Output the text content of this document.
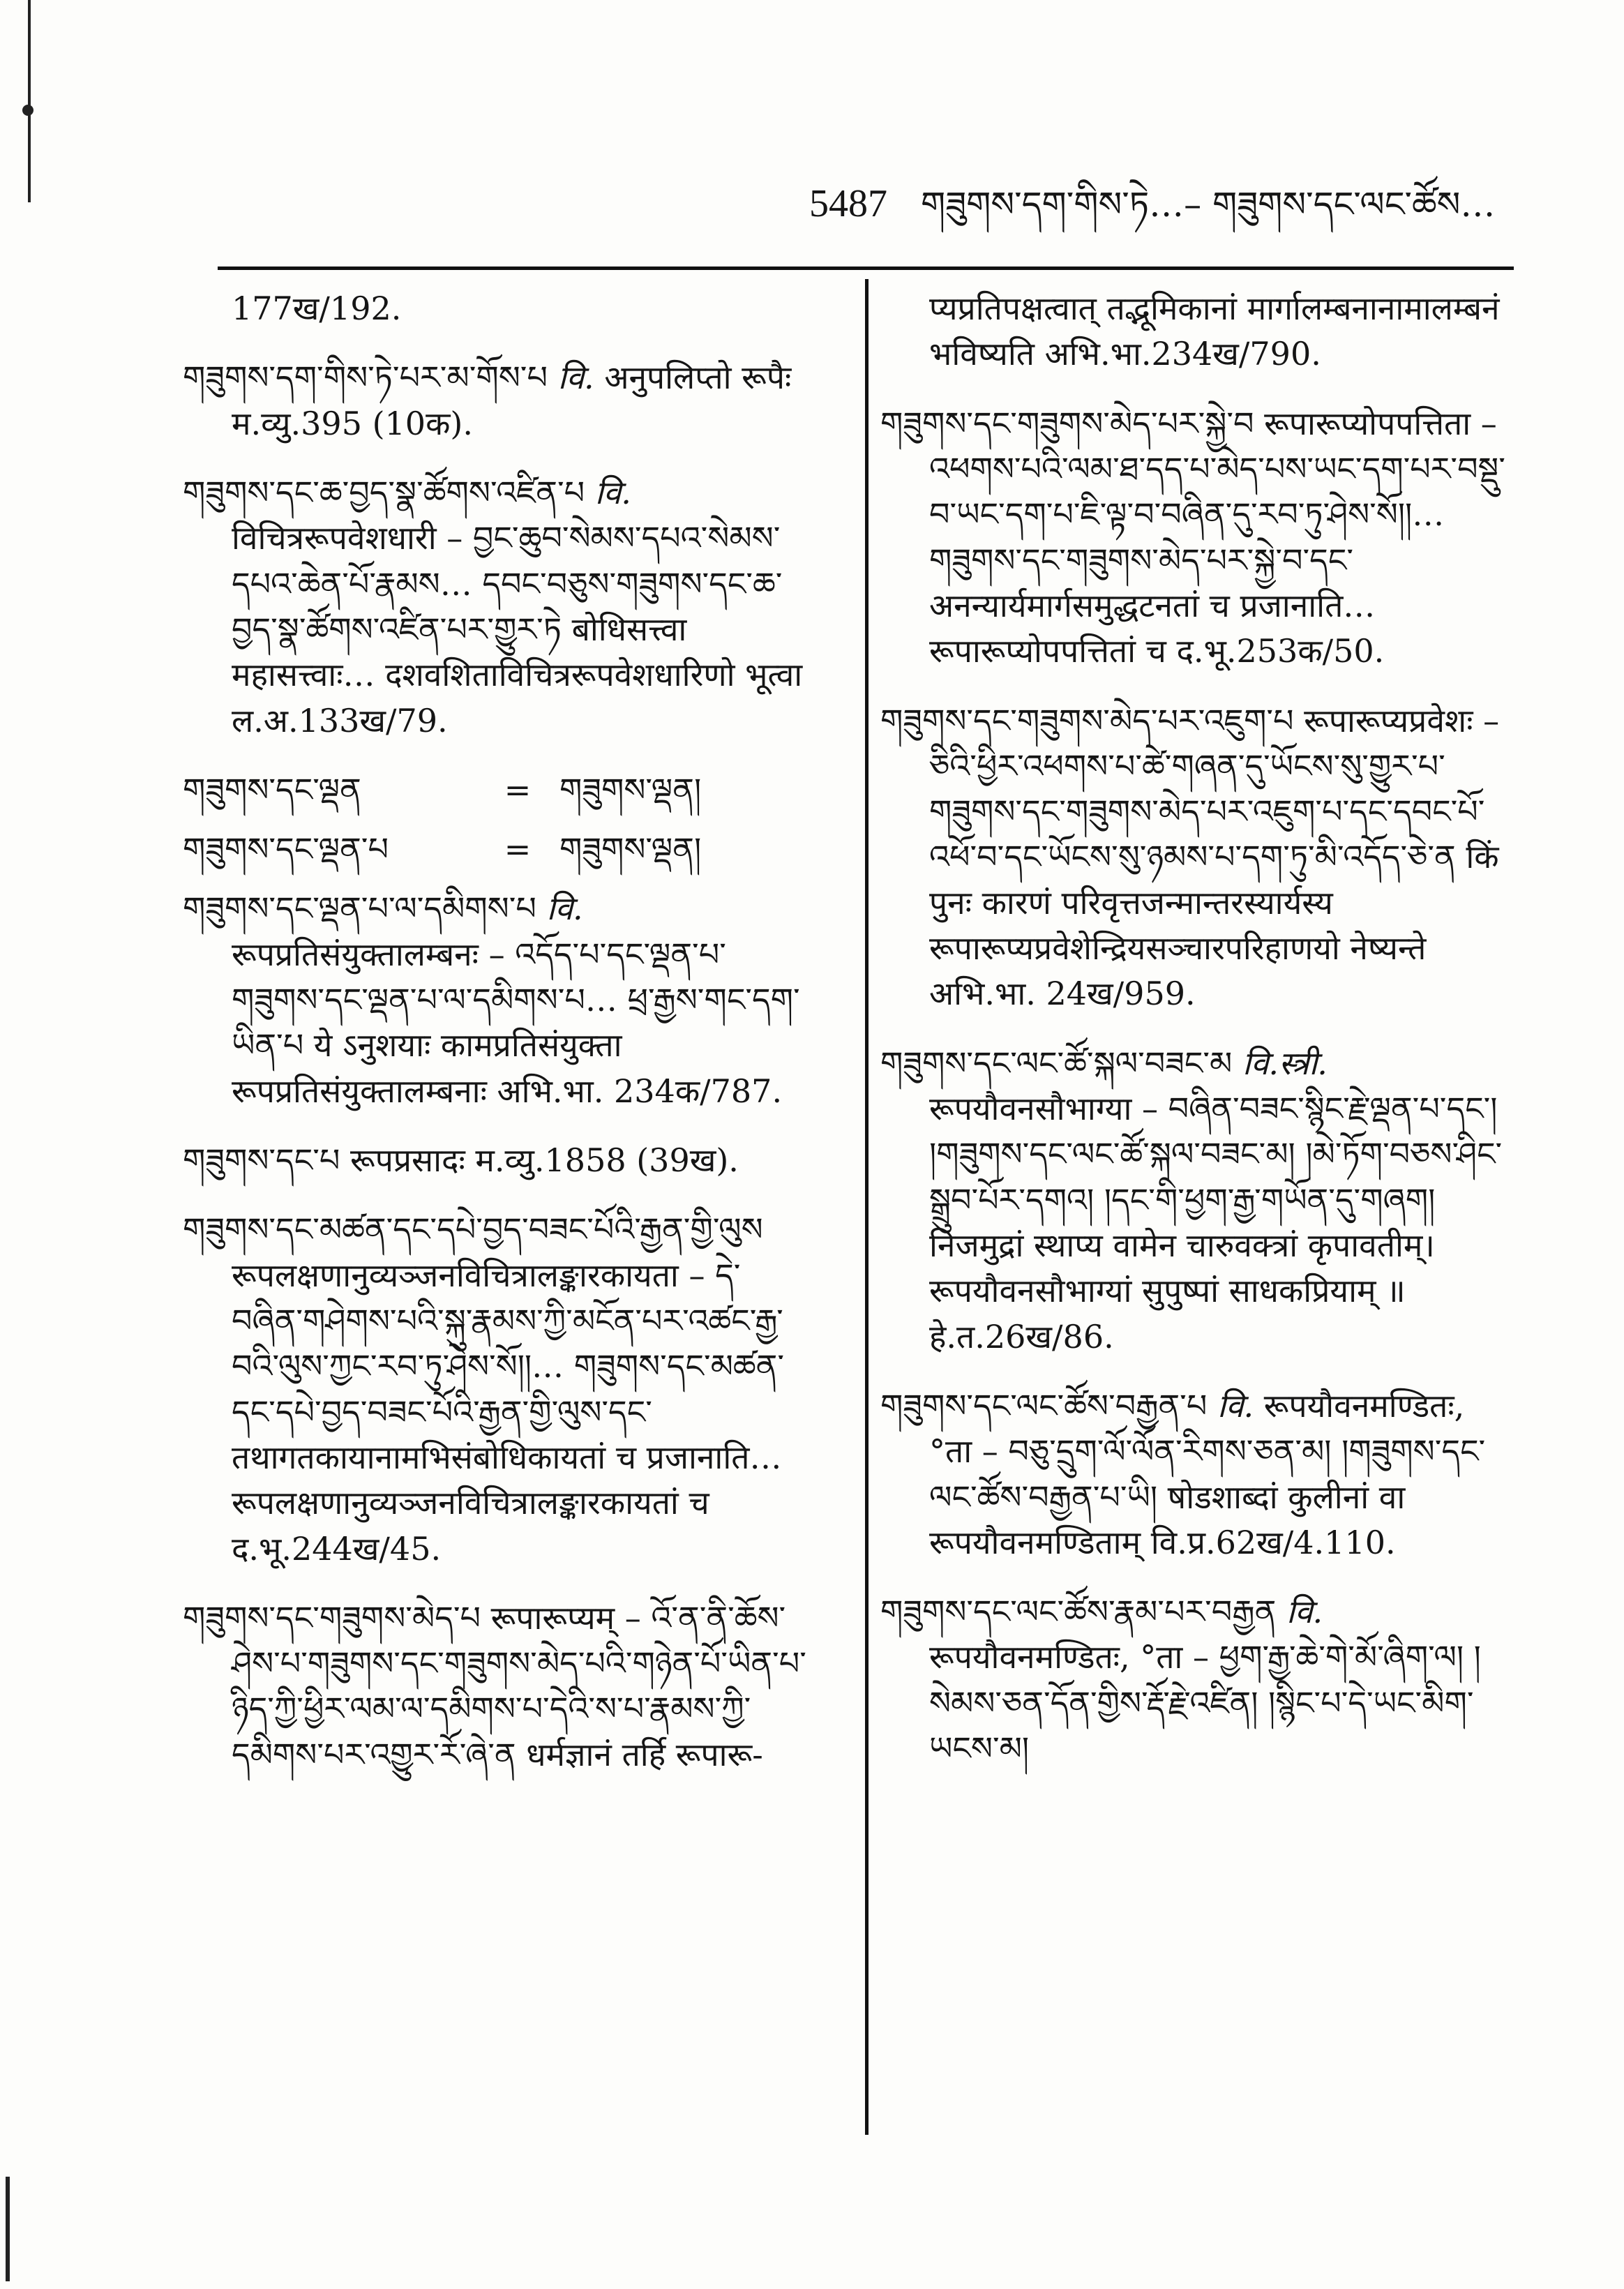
5487 གཟུགས་དག་གིས་ཏེ…– གཟུགས་དང་ལང་ཚོས…

177ख/192.

གཟུགས་དག་གིས་ཏེ་པར་མ་གོས་པ वि. अनुपलिप्तो रूपैः म.व्यु.395 (10क).

གཟུགས་དང་ཆ་བྱད་སྣ་ཚོགས་འཛིན་པ वि. विचित्ररूपवेशधारी – བྱང་ཆུབ་སེམས་དཔའ་སེམས་དཔའ་ཆེན་པོ་རྣམས… དབང་བཅུས་གཟུགས་དང་ཆ་བྱད་སྣ་ཚོགས་འཛིན་པར་གྱུར་ཏེ बोधिसत्त्वा महासत्त्वाः… दशवशिताविचित्ररूपवेशधारिणो भूत्वा ल.अ.133ख/79.

གཟུགས་དང་ལྡན	= གཟུགས་ལྡན།
གཟུགས་དང་ལྡན་པ	= གཟུགས་ལྡན།

གཟུགས་དང་ལྡན་པ་ལ་དམིགས་པ वि. रूपप्रतिसंयुक्तालम्बनः – འདོད་པ་དང་ལྡན་པ་གཟུགས་དང་ལྡན་པ་ལ་དམིགས་པ… ཕྲ་རྒྱས་གང་དག་ཡིན་པ ये ऽनुशयाः कामप्रतिसंयुक्ता रूपप्रतिसंयुक्तालम्बनाः अभि.भा. 234क/787.

གཟུགས་དང་པ रूपप्रसादः म.व्यु.1858 (39ख).

གཟུགས་དང་མཚན་དང་དཔེ་བྱད་བཟང་པོའི་རྒྱན་གྱི་ལུས रूपलक्षणानुव्यञ्जनविचित्रालङ्कारकायता – དེ་བཞིན་གཤེགས་པའི་སྐུ་རྣམས་ཀྱི་མངོན་པར་འཚང་རྒྱ་བའི་ལུས་ཀྱང་རབ་ཏུ་ཤེས་སོ།།… གཟུགས་དང་མཚན་དང་དཔེ་བྱད་བཟང་པོའི་རྒྱན་གྱི་ལུས་དང་ तथागतकायानामभिसंबोधिकायतां च प्रजानाति…रूपलक्षणानुव्यञ्जनविचित्रालङ्कारकायतां च द.भू.244ख/45.

གཟུགས་དང་གཟུགས་མེད་པ रूपारूप्यम् – འོ་ན་ནི་ཆོས་ཤེས་པ་གཟུགས་དང་གཟུགས་མེད་པའི་གཉེན་པོ་ཡིན་པ་ཉིད་ཀྱི་ཕྱིར་ལམ་ལ་དམིགས་པ་དེའི་ས་པ་རྣམས་ཀྱི་དམིགས་པར་འགྱུར་རོ་ཞེ་ན धर्मज्ञानं तर्हि रूपारू-

प्यप्रतिपक्षत्वात् तद्भूमिकानां मार्गालम्बनानामालम्बनं भविष्यति अभि.भा.234ख/790.

གཟུགས་དང་གཟུགས་མེད་པར་སྐྱེ་བ रूपारूप्योपपत्तिता – འཕགས་པའི་ལམ་ཐ་དད་པ་མེད་པས་ཡང་དག་པར་བསྡུ་བ་ཡང་དག་པ་ཇི་ལྟ་བ་བཞིན་དུ་རབ་ཏུ་ཤེས་སོ།།… གཟུགས་དང་གཟུགས་མེད་པར་སྐྱེ་བ་དང་ अनन्यार्यमार्गसमुद्धटनतां च प्रजानाति… रूपारूप्योपपत्तितां च द.भू.253क/50.

གཟུགས་དང་གཟུགས་མེད་པར་འཇུག་པ रूपारूप्यप्रवेशः – ཅིའི་ཕྱིར་འཕགས་པ་ཚེ་གཞན་དུ་ཡོངས་སུ་གྱུར་པ་གཟུགས་དང་གཟུགས་མེད་པར་འཇུག་པ་དང་དབང་པོ་འཕོ་བ་དང་ཡོངས་སུ་ཉམས་པ་དག་ཏུ་མི་འདོད་ཅེ་ན किं पुनः कारणं परिवृत्तजन्मान्तरस्यार्यस्य रूपारूप्यप्रवेशेन्द्रियसञ्चारपरिहाणयो नेष्यन्ते अभि.भा. 24ख/959.

གཟུགས་དང་ལང་ཚོ་སྐལ་བཟང་མ वि.स्त्री. रूपयौवनसौभाग्या – བཞིན་བཟང་སྙིང་རྗེ་ལྡན་པ་དང་། །གཟུགས་དང་ལང་ཚོ་སྐལ་བཟང་མ། །མེ་ཏོག་བཅས་ཤིང་སྒྲུབ་པོར་དགའ། །དང་གི་ཕྱག་རྒྱ་གཡོན་དུ་གཞག། निजमुद्रां स्थाप्य वामेन चारुवक्त्रां कृपावतीम्। रूपयौवनसौभाग्यां सुपुष्पां साधकप्रियाम् ॥ हे.त.26ख/86.

གཟུགས་དང་ལང་ཚོས་བརྒྱན་པ वि. रूपयौवनमण्डितः, °ता – བཅུ་དྲུག་ལོ་ལོན་རིགས་ཅན་མ། །གཟུགས་དང་ལང་ཚོས་བརྒྱན་པ་ཡི། षोडशाब्दां कुलीनां वा रूपयौवनमण्डिताम् वि.प्र.62ख/4.110.

གཟུགས་དང་ལང་ཚོས་རྣམ་པར་བརྒྱན वि. रूपयौवनमण्डितः, °ता – ཕྱག་རྒྱ་ཆེ་གེ་མོ་ཞིག་ལ། །སེམས་ཅན་དོན་གྱིས་རྡོ་རྗེ་འཛིན། །སྙིང་པ་དེ་ཡང་མིག་ཡངས་མ།
